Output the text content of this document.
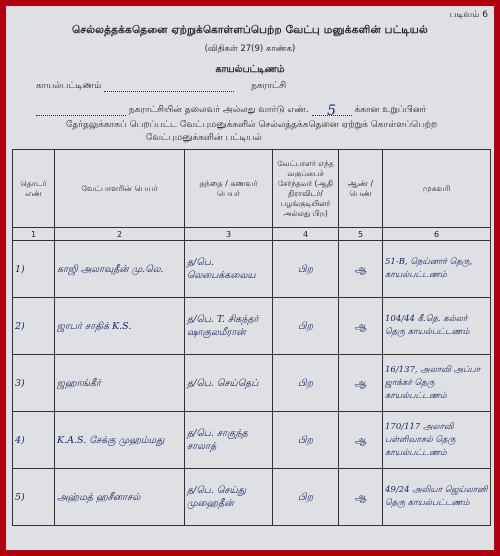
படிவம் 6
செல்லத்தக்கதெனை ஏற்றுக்கொள்ளப்பெற்ற வேட்பு மனுக்களின் பட்டியல்
(விதிகள் 27(9) காண்க)
காயல்பட்டிணம்
காயல்பட்டிணம்	நகராட்சி
நகராட்சியின் தலைவர் அல்லது வார்டு எண். 5 க்கான உறுப்பினர்
தேர்தலுக்காகப் பெறப்பட்ட வேட்புமனுக்களில் செல்லத்தக்கதெனை ஏற்றுக் கொள்ளப்பெற்ற
வேட்புமனுக்களின் பட்டியல்
தொடர் எண்	வேட்பாளரின் பெயர்	தந்தை / கணவர் பெயர்	வேட்பாளர் எந்த வகுப்பைச் சேர்ந்தவர் (ஆதி திராவிடர்/ பழங்குடியினர் அல்லது பிற)	ஆண் / பெண்	முகவரி
1	2	3	4	5	6
1)	காஜி அலாவுதீன் மு.லெ.	த/பெ. லெபைக்கலைய	பிற	ஆ	51-B, நெய்னார் தெரு, காயல்பட்டணம்
2)	ஜாபர் சாதிக் K.S.	த/பெ. T. சிகந்தர் ஷாகுலமீரான்	பிற	ஆ	104/44 கீ.தெ. கல்லர் தெரு காயல்பட்டணம்
3)	ஜஹாங்கீர்	த/பெ. செய்தெப்	பிற	ஆ	16/137, அலாவி அப்பா ஜாக்கர் தெரு காயல்பட்டணம்
4)	K.A.S. சேக்கு முஹம்மது	த/பெ. சாகுந்த சாலாத்	பிற	ஆ	170/117 அலாவி பள்ளிவாசல் தெரு காயல்பட்டணம்
5)	அஹ்மத் ஹசீனாசல்	த/பெ. செய்து முஹைதீன்	பிற	ஆ	49/24 அலியா ஜெய்லானி தெரு காயல்பட்டணம்
